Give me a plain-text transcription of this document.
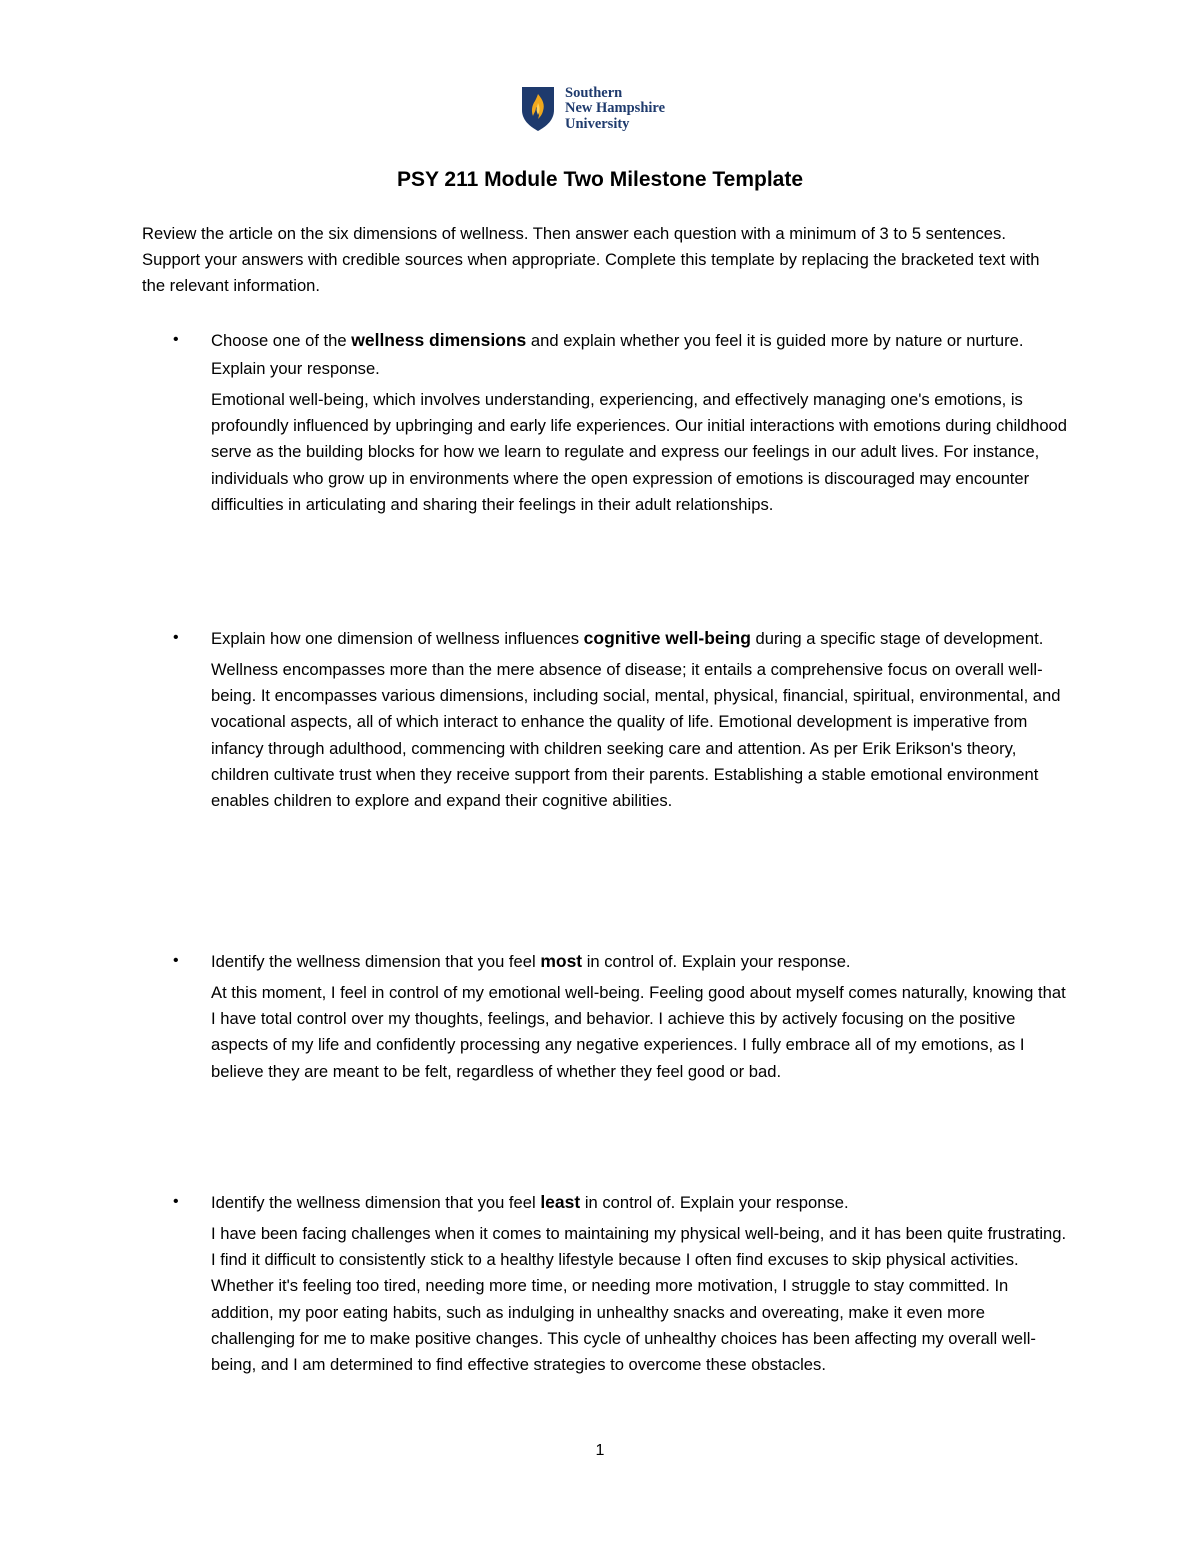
Southern
New Hampshire
University
PSY 211 Module Two Milestone Template

Review the article on the six dimensions of wellness. Then answer each question with a minimum of 3 to 5 sentences. Support your answers with credible sources when appropriate. Complete this template by replacing the bracketed text with the relevant information.

• Choose one of the wellness dimensions and explain whether you feel it is guided more by nature or nurture. Explain your response.

Emotional well-being, which involves understanding, experiencing, and effectively managing one's emotions, is profoundly influenced by upbringing and early life experiences. Our initial interactions with emotions during childhood serve as the building blocks for how we learn to regulate and express our feelings in our adult lives. For instance, individuals who grow up in environments where the open expression of emotions is discouraged may encounter difficulties in articulating and sharing their feelings in their adult relationships.

• Explain how one dimension of wellness influences cognitive well-being during a specific stage of development.

Wellness encompasses more than the mere absence of disease; it entails a comprehensive focus on overall well-being. It encompasses various dimensions, including social, mental, physical, financial, spiritual, environmental, and vocational aspects, all of which interact to enhance the quality of life. Emotional development is imperative from infancy through adulthood, commencing with children seeking care and attention. As per Erik Erikson's theory, children cultivate trust when they receive support from their parents. Establishing a stable emotional environment enables children to explore and expand their cognitive abilities.

• Identify the wellness dimension that you feel most in control of. Explain your response.

At this moment, I feel in control of my emotional well-being. Feeling good about myself comes naturally, knowing that I have total control over my thoughts, feelings, and behavior. I achieve this by actively focusing on the positive aspects of my life and confidently processing any negative experiences. I fully embrace all of my emotions, as I believe they are meant to be felt, regardless of whether they feel good or bad.

• Identify the wellness dimension that you feel least in control of. Explain your response.

I have been facing challenges when it comes to maintaining my physical well-being, and it has been quite frustrating. I find it difficult to consistently stick to a healthy lifestyle because I often find excuses to skip physical activities. Whether it's feeling too tired, needing more time, or needing more motivation, I struggle to stay committed. In addition, my poor eating habits, such as indulging in unhealthy snacks and overeating, make it even more challenging for me to make positive changes. This cycle of unhealthy choices has been affecting my overall well-being, and I am determined to find effective strategies to overcome these obstacles.

1
